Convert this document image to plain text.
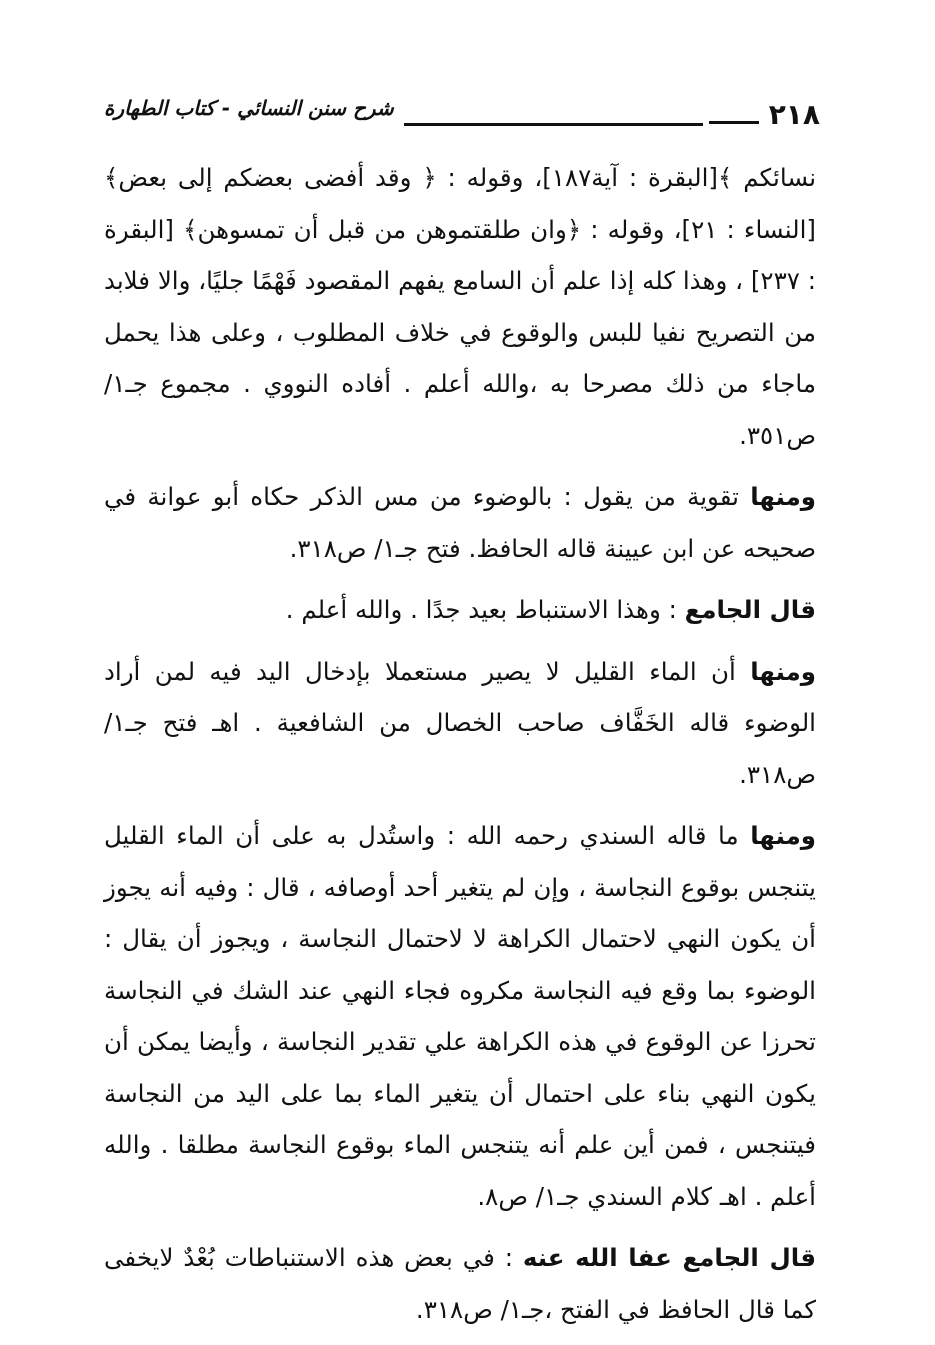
٢١٨
شرح سنن النسائي - كتاب الطهارة

نسائكم ﴾[البقرة : آية١٨٧]، وقوله : ﴿ وقد أفضى بعضكم إلى بعض﴾ [النساء : ٢١]، وقوله : ﴿وان طلقتموهن من قبل أن تمسوهن﴾ [البقرة : ٢٣٧] ، وهذا كله إذا علم أن السامع يفهم المقصود فَهْمًا جليًا، والا فلابد من التصريح نفيا للبس والوقوع في خلاف المطلوب ، وعلى هذا يحمل ماجاء من ذلك مصرحا به ،والله أعلم . أفاده النووي . مجموع جـ١/ ص٣٥١.

ومنها تقوية من يقول : بالوضوء من مس الذكر حكاه أبو عوانة في صحيحه عن ابن عيينة قاله الحافظ. فتح جـ١/ ص٣١٨.

قال الجامع : وهذا الاستنباط بعيد جدًا . والله أعلم .

ومنها أن الماء القليل لا يصير مستعملا بإدخال اليد فيه لمن أراد الوضوء قاله الخَفَّاف صاحب الخصال من الشافعية . اهـ فتح جـ١/ ص٣١٨.

ومنها ما قاله السندي رحمه الله : واستُدل به على أن الماء القليل يتنجس بوقوع النجاسة ، وإن لم يتغير أحد أوصافه ، قال : وفيه أنه يجوز أن يكون النهي لاحتمال الكراهة لا لاحتمال النجاسة ، ويجوز أن يقال : الوضوء بما وقع فيه النجاسة مكروه فجاء النهي عند الشك في النجاسة تحرزا عن الوقوع في هذه الكراهة علي تقدير النجاسة ، وأيضا يمكن أن يكون النهي بناء على احتمال أن يتغير الماء بما على اليد من النجاسة فيتنجس ، فمن أين علم أنه يتنجس الماء بوقوع النجاسة مطلقا . والله أعلم . اهـ كلام السندي جـ١/ ص٨.

قال الجامع عفا الله عنه : في بعض هذه الاستنباطات بُعْدٌ لايخفى كما قال الحافظ في الفتح ،جـ١/ ص٣١٨.
